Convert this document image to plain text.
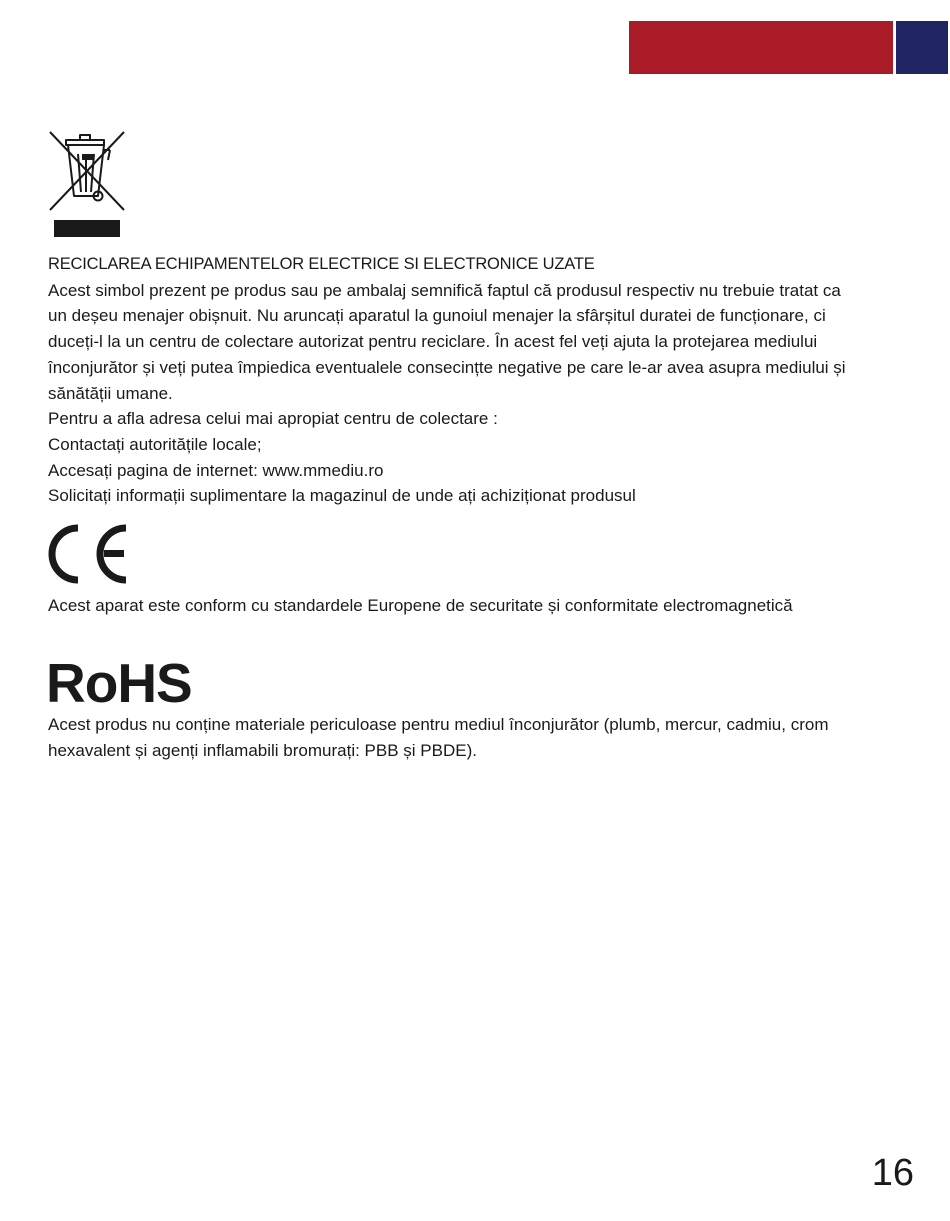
RECICLAREA ECHIPAMENTELOR ELECTRICE SI ELECTRONICE UZATE

Acest simbol prezent pe produs sau pe ambalaj semnifică faptul că produsul respectiv nu trebuie tratat ca

un deșeu menajer obișnuit. Nu aruncați aparatul la gunoiul menajer la sfârșitul duratei de funcționare, ci

duceți-l la un centru de colectare autorizat pentru reciclare. În acest fel veți ajuta la protejarea mediului

înconjurător și veți putea împiedica eventualele consecințte negative pe care le-ar avea asupra mediului și

sănătății umane.

Pentru a afla adresa celui mai apropiat centru de colectare :

Contactați autoritățile locale;

Accesați pagina de internet: www.mmediu.ro

Solicitați informații suplimentare la magazinul de unde ați achiziționat produsul

Acest aparat este conform cu standardele Europene de securitate și conformitate electromagnetică

RoHS

Acest produs nu conține materiale periculoase pentru mediul înconjurător (plumb, mercur, cadmiu, crom

hexavalent și agenți inflamabili bromurați: PBB și PBDE).

16
